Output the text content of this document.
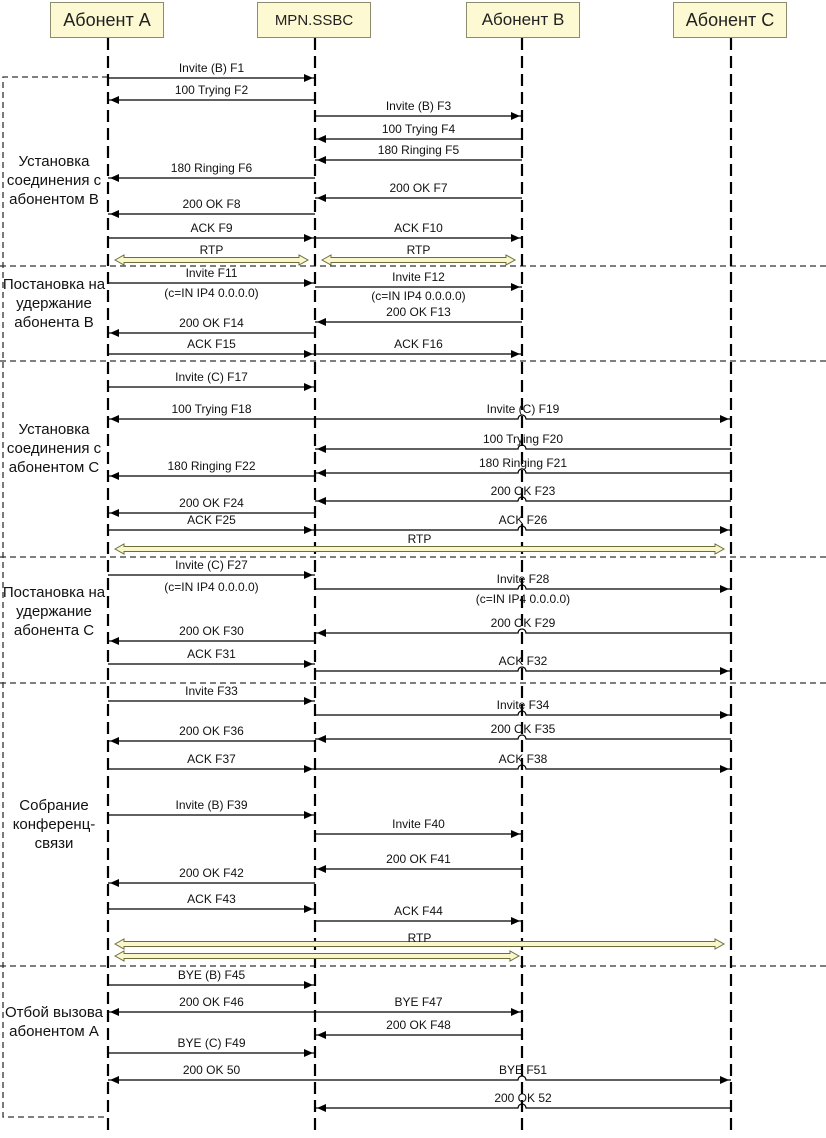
Invite (B) F1
100 Trying F2
Invite (B) F3
100 Trying F4
180 Ringing F5
180 Ringing F6
200 OK F7
200 OK F8
ACK F9	ACK F10
Invite F11
(c=IN IP4 0.0.0.0)
Invite F12
(c=IN IP4 0.0.0.0)
200 OK F13
200 OK F14
ACK F15	ACK F16
Invite (C) F17
100 Trying F18	Invite (C) F19
100 Trying F20
180 Ringing F21
180 Ringing F22
200 OK F23
200 OK F24
ACK F25	ACK F26
Invite (C) F27
(c=IN IP4 0.0.0.0)
Invite F28
(c=IN IP4 0.0.0.0)
200 OK F29
200 OK F30
ACK F31	ACK F32
Invite F33
Invite F34
200 OK F35
200 OK F36
ACK F37	ACK F38
Invite (B) F39
Invite F40
200 OK F41
200 OK F42
ACK F43
ACK F44
BYE (B) F45
200 OK F46	BYE F47
200 OK F48
BYE (C) F49
200 OK 50	BYE F51
200 OK 52
RTP	RTP
RTP
RTP
Абонент A	MPN.SSBC	Абонент B	Абонент C
Установка соединения с абонентом B
Постановка на удержание абонента B
Установка соединения с абонентом C
Постановка на удержание абонента C
Собрание конференц-связи
Отбой вызова абонентом A
